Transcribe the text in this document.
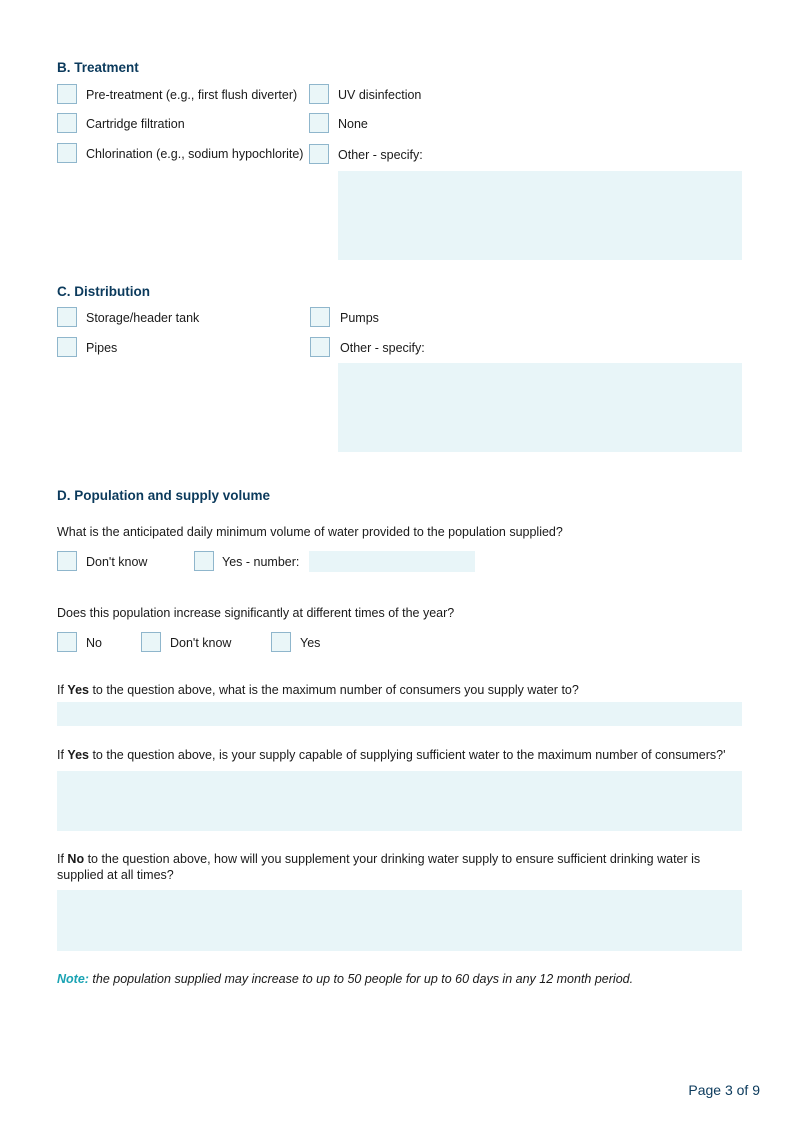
B. Treatment
Pre-treatment (e.g., first flush diverter)
Cartridge filtration
Chlorination (e.g., sodium hypochlorite)
UV disinfection
None
Other - specify:
C. Distribution
Storage/header tank
Pipes
Pumps
Other - specify:
D. Population and supply volume
What is the anticipated daily minimum volume of water provided to the population supplied?
Don't know	Yes - number:
Does this population increase significantly at different times of the year?
No	Don't know	Yes
If Yes to the question above, what is the maximum number of consumers you supply water to?
If Yes to the question above, is your supply capable of supplying sufficient water to the maximum number of consumers?'
If No to the question above, how will you supplement your drinking water supply to ensure sufficient drinking water is supplied at all times?
Note: the population supplied may increase to up to 50 people for up to 60 days in any 12 month period.
Page 3 of 9
